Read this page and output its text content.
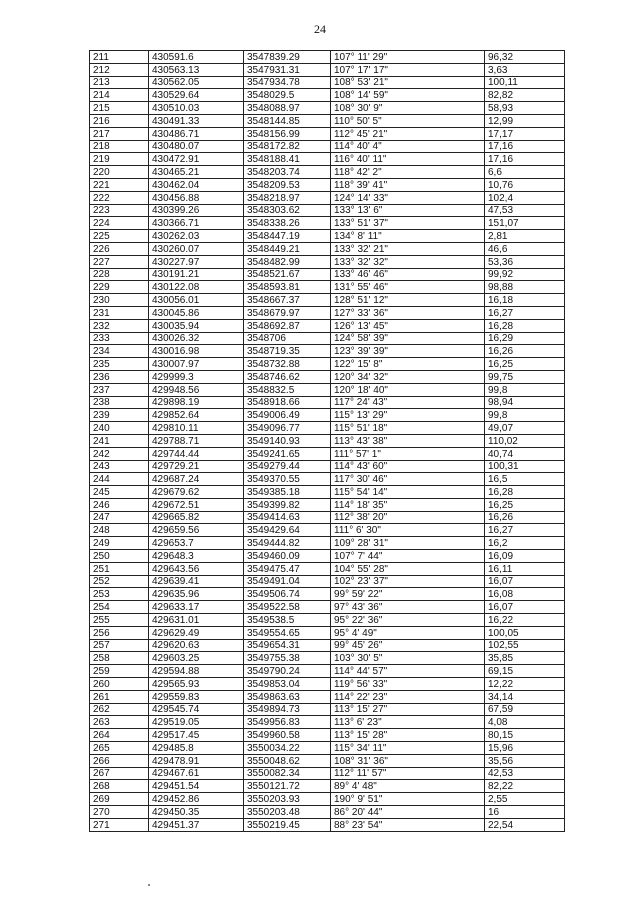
24
211	430591.6	3547839.29	107° 11' 29"	96,32
212	430563.13	3547931.31	107° 17' 17"	3,63
213	430562.05	3547934.78	108° 53' 21"	100,11
214	430529.64	3548029.5	108° 14' 59"	82,82
215	430510.03	3548088.97	108° 30' 9"	58,93
216	430491.33	3548144.85	110° 50' 5"	12,99
217	430486.71	3548156.99	112° 45' 21"	17,17
218	430480.07	3548172.82	114° 40' 4"	17,16
219	430472.91	3548188.41	116° 40' 11"	17,16
220	430465.21	3548203.74	118° 42' 2"	6,6
221	430462.04	3548209.53	118° 39' 41"	10,76
222	430456.88	3548218.97	124° 14' 33"	102,4
223	430399.26	3548303.62	133° 13' 6"	47,53
224	430366.71	3548338.26	133° 51' 37"	151,07
225	430262.03	3548447.19	134° 8' 11"	2,81
226	430260.07	3548449.21	133° 32' 21"	46,6
227	430227.97	3548482.99	133° 32' 32"	53,36
228	430191.21	3548521.67	133° 46' 46"	99,92
229	430122.08	3548593.81	131° 55' 46"	98,88
230	430056.01	3548667.37	128° 51' 12"	16,18
231	430045.86	3548679.97	127° 33' 36"	16,27
232	430035.94	3548692.87	126° 13' 45"	16,28
233	430026.32	3548706	124° 58' 39"	16,29
234	430016.98	3548719.35	123° 39' 39"	16,26
235	430007.97	3548732.88	122° 15' 8"	16,25
236	429999.3	3548746.62	120° 34' 32"	99,75
237	429948.56	3548832.5	120° 18' 40"	99,8
238	429898.19	3548918.66	117° 24' 43"	98,94
239	429852.64	3549006.49	115° 13' 29"	99,8
240	429810.11	3549096.77	115° 51' 18"	49,07
241	429788.71	3549140.93	113° 43' 38"	110,02
242	429744.44	3549241.65	111° 57' 1"	40,74
243	429729.21	3549279.44	114° 43' 60"	100,31
244	429687.24	3549370.55	117° 30' 46"	16,5
245	429679.62	3549385.18	115° 54' 14"	16,28
246	429672.51	3549399.82	114° 18' 35"	16,25
247	429665.82	3549414.63	112° 38' 20"	16,26
248	429659.56	3549429.64	111° 6' 30"	16,27
249	429653.7	3549444.82	109° 28' 31"	16,2
250	429648.3	3549460.09	107° 7' 44"	16,09
251	429643.56	3549475.47	104° 55' 28"	16,11
252	429639.41	3549491.04	102° 23' 37"	16,07
253	429635.96	3549506.74	99° 59' 22"	16,08
254	429633.17	3549522.58	97° 43' 36"	16,07
255	429631.01	3549538.5	95° 22' 36"	16,22
256	429629.49	3549554.65	95° 4' 49"	100,05
257	429620.63	3549654.31	99° 45' 26"	102,55
258	429603.25	3549755.38	103° 30' 5"	35,85
259	429594.88	3549790.24	114° 44' 57"	69,15
260	429565.93	3549853.04	119° 56' 33"	12,22
261	429559.83	3549863.63	114° 22' 23"	34,14
262	429545.74	3549894.73	113° 15' 27"	67,59
263	429519.05	3549956.83	113° 6' 23"	4,08
264	429517.45	3549960.58	113° 15' 28"	80,15
265	429485.8	3550034.22	115° 34' 11"	15,96
266	429478.91	3550048.62	108° 31' 36"	35,56
267	429467.61	3550082.34	112° 11' 57"	42,53
268	429451.54	3550121.72	89° 4' 48"	82,22
269	429452.86	3550203.93	190° 9' 51"	2,55
270	429450.35	3550203.48	86° 20' 44"	16
271	429451.37	3550219.45	88° 23' 54"	22,54
